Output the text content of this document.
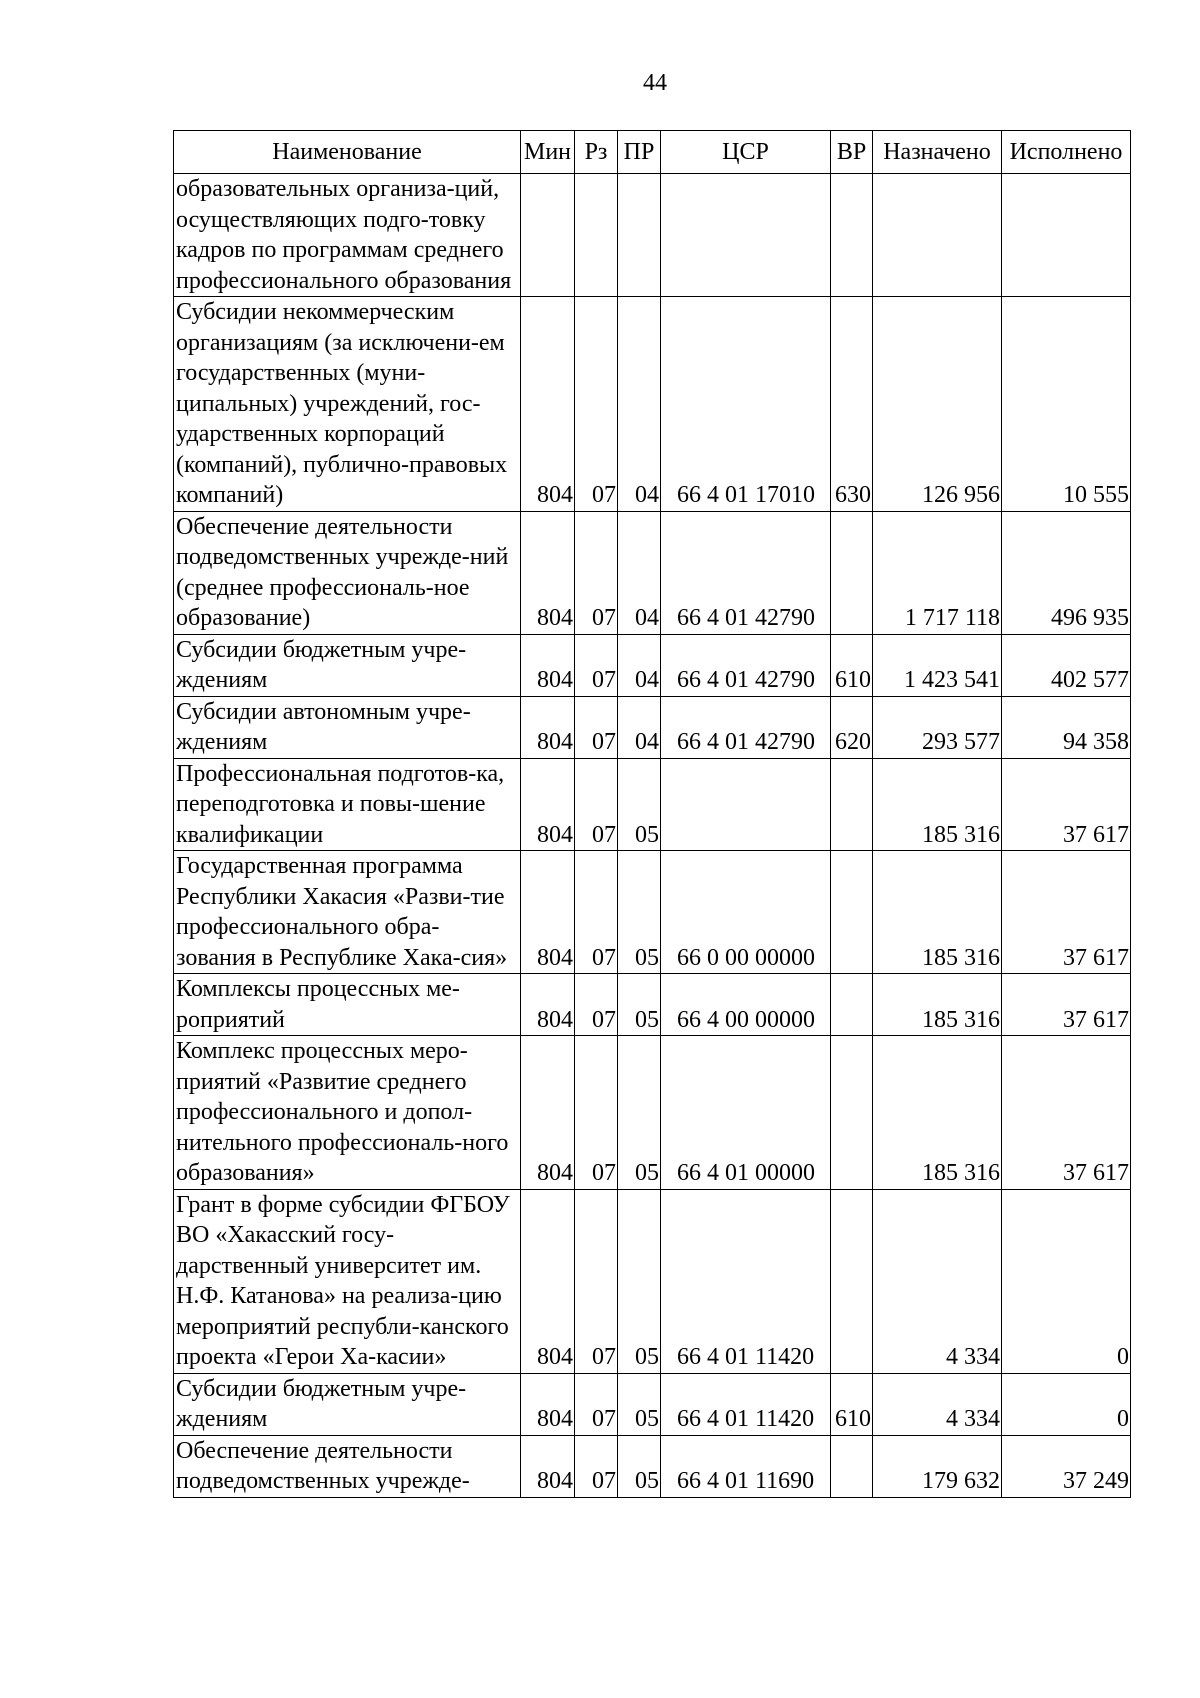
44
Наименование	Мин	Рз	ПР	ЦСР	ВР	Назначено	Исполнено
образовательных организа-ций, осуществляющих подго-товку кадров по программам среднего профессионального образования							
Субсидии некоммерческим организациям (за исключени-ем государственных (муни-ципальных) учреждений, гос-ударственных корпораций (компаний), публично-правовых компаний)	804	07	04	66 4 01 17010	630	126 956	10 555
Обеспечение деятельности подведомственных учрежде-ний (среднее профессиональ-ное образование)	804	07	04	66 4 01 42790		1 717 118	496 935
Субсидии бюджетным учре-ждениям	804	07	04	66 4 01 42790	610	1 423 541	402 577
Субсидии автономным учре-ждениям	804	07	04	66 4 01 42790	620	293 577	94 358
Профессиональная подготов-ка, переподготовка и повы-шение квалификации	804	07	05			185 316	37 617
Государственная программа Республики Хакасия «Разви-тие профессионального обра-зования в Республике Хака-сия»	804	07	05	66 0 00 00000		185 316	37 617
Комплексы процессных ме-роприятий	804	07	05	66 4 00 00000		185 316	37 617
Комплекс процессных меро-приятий «Развитие среднего профессионального и допол-нительного профессиональ-ного образования»	804	07	05	66 4 01 00000		185 316	37 617
Грант в форме субсидии ФГБОУ ВО «Хакасский госу-дарственный университет им. Н.Ф. Катанова» на реализа-цию мероприятий республи-канского проекта «Герои Ха-касии»	804	07	05	66 4 01 11420		4 334	0
Субсидии бюджетным учре-ждениям	804	07	05	66 4 01 11420	610	4 334	0
Обеспечение деятельности подведомственных учрежде-	804	07	05	66 4 01 11690		179 632	37 249
